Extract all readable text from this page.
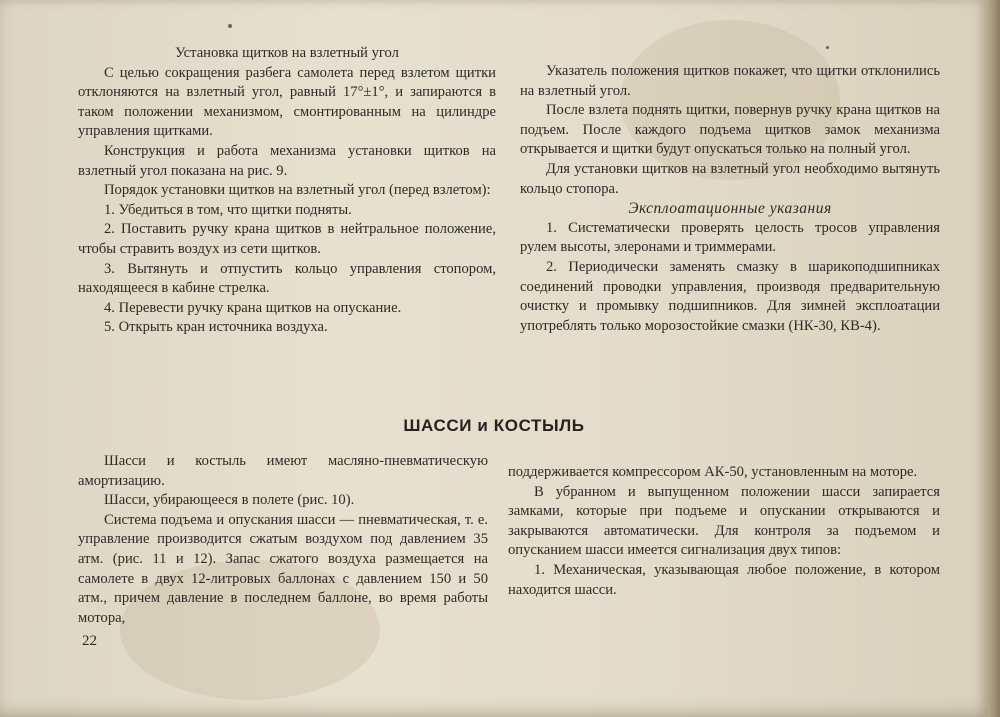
Установка щитков на взлетный угол

С целью сокращения разбега самолета перед взлетом щитки отклоняются на взлетный угол, равный 17°±1°, и запираются в таком положении механизмом, смонтированным на цилиндре управления щитками.

Конструкция и работа механизма установки щитков на взлетный угол показана на рис. 9.

Порядок установки щитков на взлетный угол (перед взлетом):

1. Убедиться в том, что щитки подняты.

2. Поставить ручку крана щитков в нейтральное положение, чтобы стравить воздух из сети щитков.

3. Вытянуть и отпустить кольцо управления стопором, находящееся в кабине стрелка.

4. Перевести ручку крана щитков на опускание.

5. Открыть кран источника воздуха.

Указатель положения щитков покажет, что щитки отклонились на взлетный угол.

После взлета поднять щитки, повернув ручку крана щитков на подъем. После каждого подъема щитков замок механизма открывается и щитки будут опускаться только на полный угол.

Для установки щитков на взлетный угол необходимо вытянуть кольцо стопора.

Эксплоатационные указания

1. Систематически проверять целость тросов управления рулем высоты, элеронами и триммерами.

2. Периодически заменять смазку в шарикоподшипниках соединений проводки управления, производя предварительную очистку и промывку подшипников. Для зимней эксплоатации употреблять только морозостойкие смазки (НК-30, КВ-4).

ШАССИ и КОСТЫЛЬ

Шасси и костыль имеют масляно-пневматическую амортизацию.

Шасси, убирающееся в полете (рис. 10).

Система подъема и опускания шасси — пневматическая, т. е. управление производится сжатым воздухом под давлением 35 атм. (рис. 11 и 12). Запас сжатого воздуха размещается на самолете в двух 12-литровых баллонах с давлением 150 и 50 атм., причем давление в последнем баллоне, во время работы мотора,

поддерживается компрессором АК-50, установленным на моторе.

В убранном и выпущенном положении шасси запирается замками, которые при подъеме и опускании открываются и закрываются автоматически. Для контроля за подъемом и опусканием шасси имеется сигнализация двух типов:

1. Механическая, указывающая любое положение, в котором находится шасси.

22
